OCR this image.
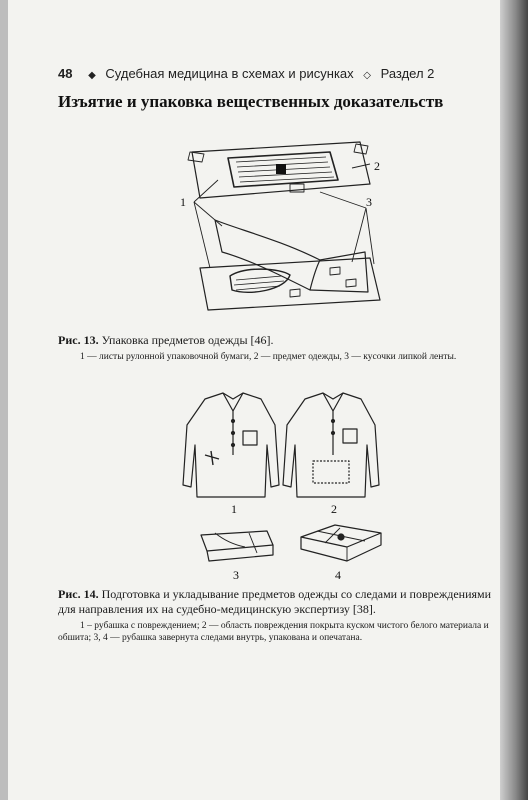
48 ◆ Судебная медицина в схемах и рисунках ◇ Раздел 2
Изъятие и упаковка вещественных доказательств
1
2
3
Рис. 13. Упаковка предметов одежды [46].
1 — листы рулонной упаковочной бумаги, 2 — предмет одежды, 3 — кусочки липкой ленты.
1	2
3	4
Рис. 14. Подготовка и укладывание предметов одежды со следами и повреждениями для направления их на судебно-медицинскую экспертизу [38].
1 – рубашка с повреждением; 2 — область повреждения покрыта куском чистого белого материала и обшита; 3, 4 — рубашка завернута следами внутрь, упакована и опечатана.
